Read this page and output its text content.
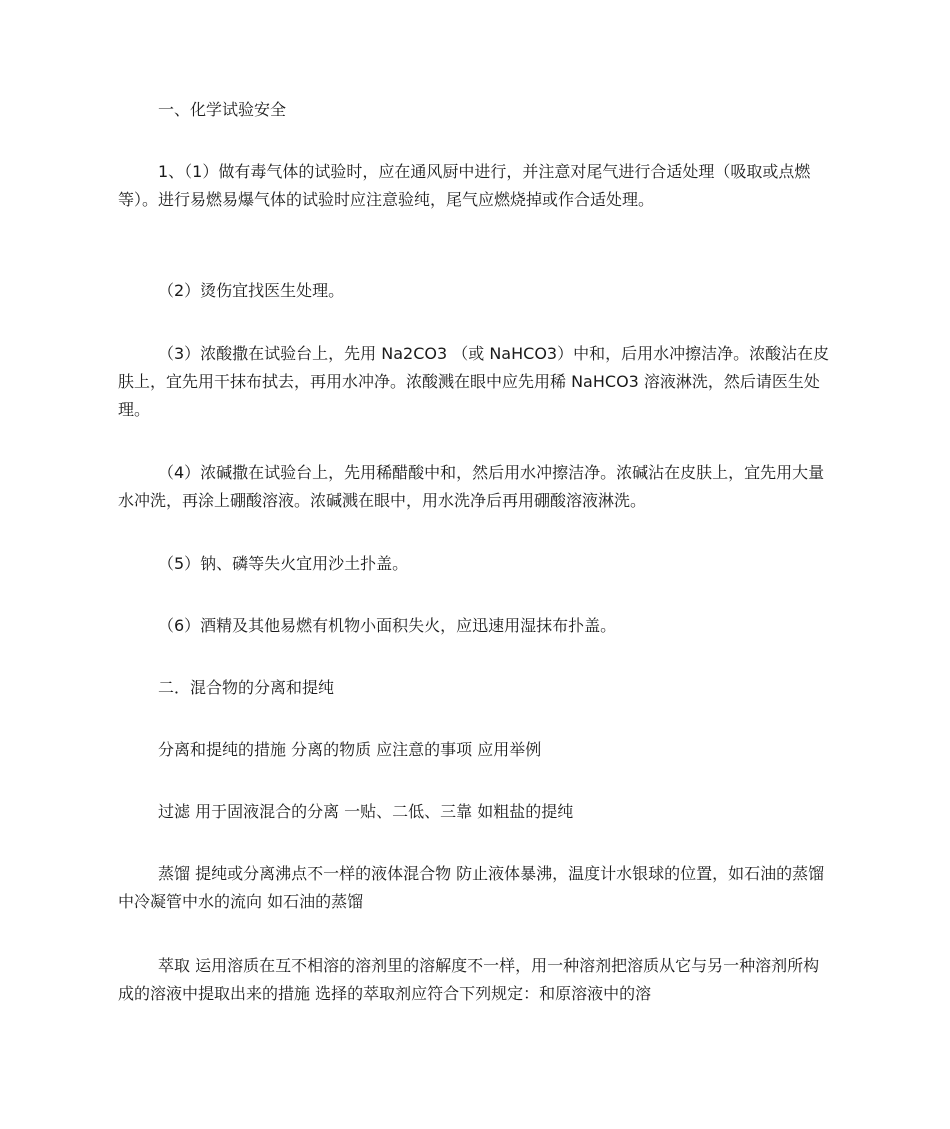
一、化学试验安全

1、（1）做有毒气体的试验时，应在通风厨中进行，并注意对尾气进行合适处理（吸取或点燃等）。进行易燃易爆气体的试验时应注意验纯，尾气应燃烧掉或作合适处理。

（2）烫伤宜找医生处理。

（3）浓酸撒在试验台上，先用 Na2CO3 （或 NaHCO3）中和，后用水冲擦洁净。浓酸沾在皮肤上，宜先用干抹布拭去，再用水冲净。浓酸溅在眼中应先用稀 NaHCO3 溶液淋洗，然后请医生处理。

（4）浓碱撒在试验台上，先用稀醋酸中和，然后用水冲擦洁净。浓碱沾在皮肤上，宜先用大量水冲洗，再涂上硼酸溶液。浓碱溅在眼中，用水洗净后再用硼酸溶液淋洗。

（5）钠、磷等失火宜用沙土扑盖。

（6）酒精及其他易燃有机物小面积失火，应迅速用湿抹布扑盖。

二．混合物的分离和提纯

分离和提纯的措施 分离的物质 应注意的事项 应用举例

过滤 用于固液混合的分离 一贴、二低、三靠 如粗盐的提纯

蒸馏 提纯或分离沸点不一样的液体混合物 防止液体暴沸，温度计水银球的位置，如石油的蒸馏中冷凝管中水的流向 如石油的蒸馏

萃取 运用溶质在互不相溶的溶剂里的溶解度不一样，用一种溶剂把溶质从它与另一种溶剂所构成的溶液中提取出来的措施 选择的萃取剂应符合下列规定：和原溶液中的溶
